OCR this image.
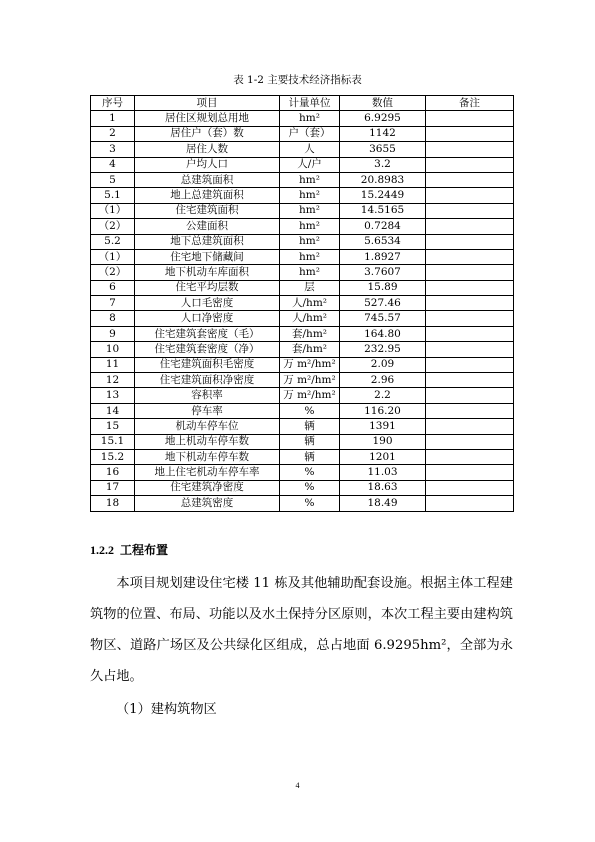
表 1-2 主要技术经济指标表
序号	项目	计量单位	数值	备注
1	居住区规划总用地	hm²	6.9295	
2	居住户（套）数	户（套）	1142	
3	居住人数	人	3655	
4	户均人口	人/户	3.2	
5	总建筑面积	hm²	20.8983	
5.1	地上总建筑面积	hm²	15.2449	
（1）	住宅建筑面积	hm²	14.5165	
（2）	公建面积	hm²	0.7284	
5.2	地下总建筑面积	hm²	5.6534	
（1）	住宅地下储藏间	hm²	1.8927	
（2）	地下机动车库面积	hm²	3.7607	
6	住宅平均层数	层	15.89	
7	人口毛密度	人/hm²	527.46	
8	人口净密度	人/hm²	745.57	
9	住宅建筑套密度（毛）	套/hm²	164.80	
10	住宅建筑套密度（净）	套/hm²	232.95	
11	住宅建筑面积毛密度	万 m²/hm²	2.09	
12	住宅建筑面积净密度	万 m²/hm²	2.96	
13	容积率	万 m²/hm²	2.2	
14	停车率	%	116.20	
15	机动车停车位	辆	1391	
15.1	地上机动车停车数	辆	190	
15.2	地下机动车停车数	辆	1201	
16	地上住宅机动车停车率	%	11.03	
17	住宅建筑净密度	%	18.63	
18	总建筑密度	%	18.49	
1.2.2 工程布置

本项目规划建设住宅楼 11 栋及其他辅助配套设施。根据主体工程建筑物的位置、布局、功能以及水土保持分区原则，本次工程主要由建构筑物区、道路广场区及公共绿化区组成，总占地面 6.9295hm²，全部为永久占地。

（1）建构筑物区
4
